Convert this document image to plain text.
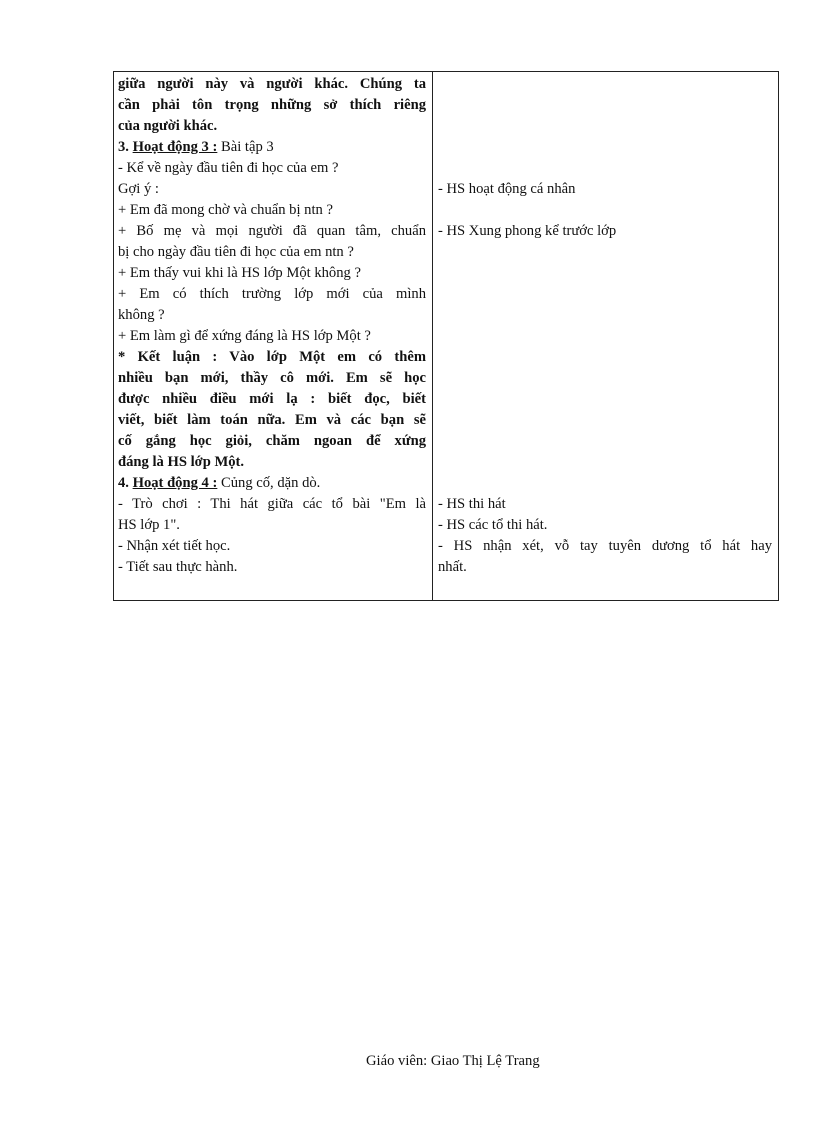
giữa người này và người khác. Chúng ta
cần phải tôn trọng những sở thích riêng
của người khác.
3. Hoạt động 3 : Bài tập 3
- Kể về ngày đầu tiên đi học của em ?
Gợi ý :
+ Em đã mong chờ và chuẩn bị ntn ?
+ Bố mẹ và mọi người đã quan tâm, chuẩn
bị cho ngày đầu tiên đi học của em ntn ?
+ Em thấy vui khi là HS lớp Một không ?
+ Em có thích trường lớp mới của mình
không ?
+ Em làm gì để xứng đáng là HS lớp Một ?
* Kết luận : Vào lớp Một em có thêm
nhiều bạn mới, thầy cô mới. Em sẽ học
được nhiều điều mới lạ : biết đọc, biết
viết, biết làm toán nữa. Em và các bạn sẽ
cố gắng học giỏi, chăm ngoan để xứng
đáng là HS lớp Một.
4. Hoạt động 4 : Củng cố, dặn dò.
- Trò chơi : Thi hát giữa các tổ bài "Em là
HS lớp 1".
- Nhận xét tiết học.
- Tiết sau thực hành.
- HS hoạt động cá nhân
- HS Xung phong kể trước lớp
- HS thi hát
- HS các tổ thi hát.
- HS nhận xét, vỗ tay tuyên dương tổ hát hay
nhất.
Giáo viên: Giao Thị Lệ Trang
